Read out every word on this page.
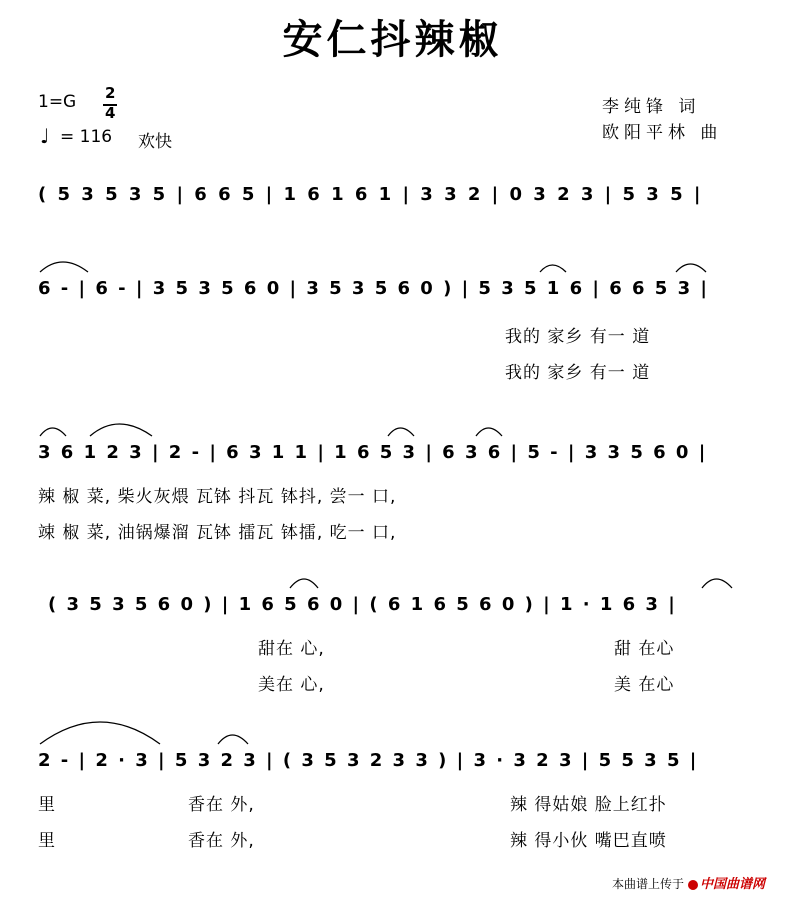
安仁抖辣椒
1=G 2
4
♩ = 116 欢快
李纯锋 词
欧阳平林 曲
( 5 3 5 3 5 | 6 6 5 | 1 6 1 6 1 | 3 3 2 | 0 3 2 3 | 5 3 5 |
6 - | 6 - | 3 5 3 5 6 0 | 3 5 3 5 6 0 ) | 5 3 5 1 6 | 6 6 5 3 |
我的 家乡 有一 道
我的 家乡 有一 道
3 6 1 2 3 | 2 - | 6 3 1 1 | 1 6 5 3 | 6 3 6 | 5 - | 3 3 5 6 0 |
辣 椒 菜, 柴火灰煨 瓦钵 抖瓦 钵抖, 尝一 口,
竦 椒 菜, 油锅爆溜 瓦钵 擂瓦 钵擂, 吃一 口,
( 3 5 3 5 6 0 ) | 1 6 5 6 0 | ( 6 1 6 5 6 0 ) | 1 · 1 6 3 |
甜在 心,	甜 在心
美在 心,	美 在心
2 - | 2 · 3 | 5 3 2 3 | ( 3 5 3 2 3 3 ) | 3 · 3 2 3 | 5 5 3 5 |
里	香在 外,	辣 得姑娘 脸上红扑
里	香在 外,	辣 得小伙 嘴巴直喷
本曲谱上传于 中国曲谱网
